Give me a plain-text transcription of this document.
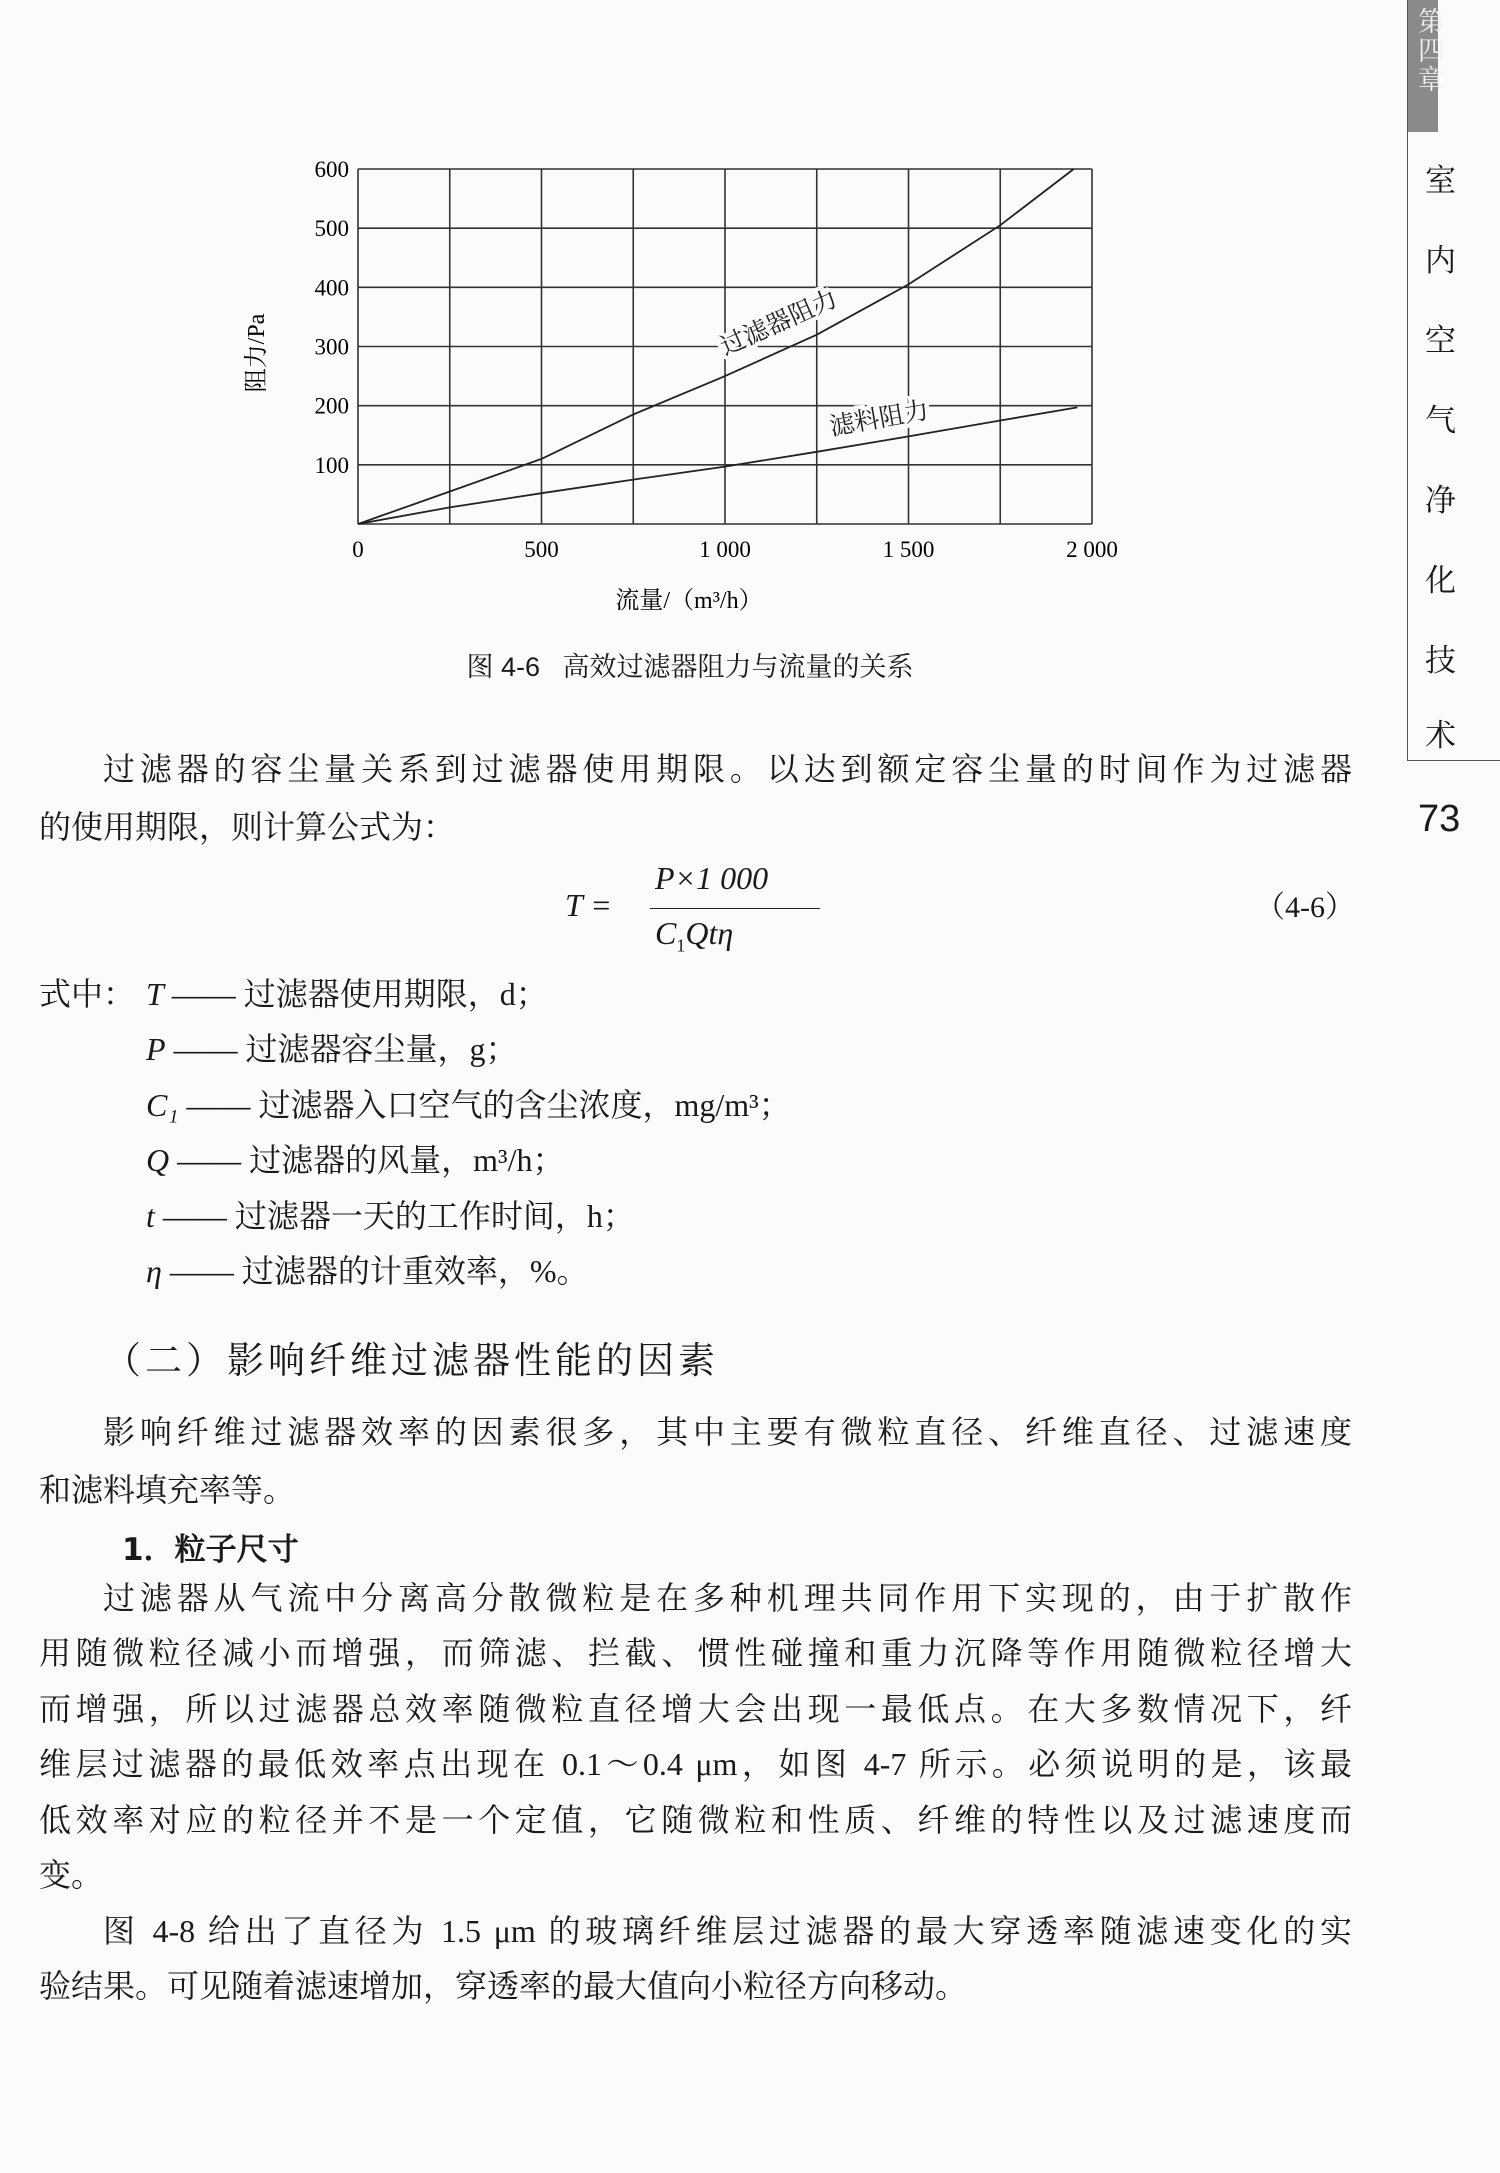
0	500	1 000	1 500	2 000
100
200
300
400
500
600
流量/（m³/h）
阻力/Pa	过滤器阻力
滤料阻力
图 4-6   高效过滤器阻力与流量的关系
过滤器的容尘量关系到过滤器使用期限。以达到额定容尘量的时间作为过滤器
的使用期限，则计算公式为：
T =
P×1 000
$C_1Qt\eta$
（4-6）
式中： T —— 过滤器使用期限，d；
P —— 过滤器容尘量，g；
C₁ —— 过滤器入口空气的含尘浓度，mg/m³；
Q —— 过滤器的风量，m³/h；
t —— 过滤器一天的工作时间，h；
η —— 过滤器的计重效率，%。
（二）影响纤维过滤器性能的因素
影响纤维过滤器效率的因素很多，其中主要有微粒直径、纤维直径、过滤速度
和滤料填充率等。
1．粒子尺寸
过滤器从气流中分离高分散微粒是在多种机理共同作用下实现的，由于扩散作
用随微粒径减小而增强，而筛滤、拦截、惯性碰撞和重力沉降等作用随微粒径增大
而增强，所以过滤器总效率随微粒直径增大会出现一最低点。在大多数情况下，纤
维层过滤器的最低效率点出现在 0.1～0.4 μm，如图 4-7 所示。必须说明的是，该最
低效率对应的粒径并不是一个定值，它随微粒和性质、纤维的特性以及过滤速度而
变。
图 4-8 给出了直径为 1.5 μm 的玻璃纤维层过滤器的最大穿透率随滤速变化的实
验结果。可见随着滤速增加，穿透率的最大值向小粒径方向移动。
第四章
室
内
空
气
净
化
技
术
73
